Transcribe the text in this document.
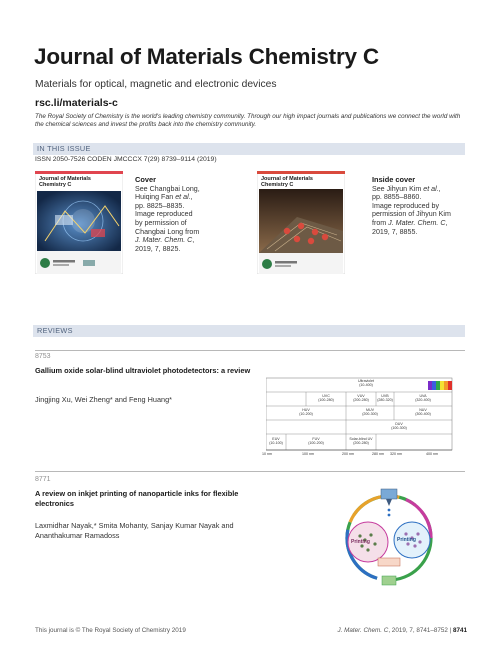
Journal of Materials Chemistry C
Materials for optical, magnetic and electronic devices
rsc.li/materials-c
The Royal Society of Chemistry is the world's leading chemistry community. Through our high impact journals and publications we connect the world with the chemical sciences and invest the profits back into the chemistry community.
IN THIS ISSUE
ISSN 2050-7526 CODEN JMCCCX 7(29) 8739–9114 (2019)
Journal of Materials Chemistry C
Cover
See Changbai Long,
Huiqing Fan et al.,
pp. 8825–8835.
Image reproduced
by permission of
Changbai Long from
J. Mater. Chem. C,
2019, 7, 8825.
Journal of Materials Chemistry C
Inside cover
See Jihyun Kim et al.,
pp. 8855–8860.
Image reproduced by
permission of Jihyun Kim
from J. Mater. Chem. C,
2019, 7, 8855.
REVIEWS
8753
Gallium oxide solar-blind ultraviolet photodetectors: a review
Jingjing Xu, Wei Zheng* and Feng Huang*
Ultraviolet
(10-400)
UVC
(100-280)
VUV
(200-280)
UVB
(280-320)
UVA
(320-400)
HUV
(10-200)
MUV
(200-300)
NUV
(300-400)
DUV
(100-300)
EUV
(10-100)
FUV
(100-200)
Solar-blind UV
(200-280)
10 nm	100 nm	200 nm	280 nm 320 nm	400 nm
8771
A review on inkjet printing of nanoparticle inks for flexible electronics
Laxmidhar Nayak,* Smita Mohanty, Sanjay Kumar Nayak and Ananthakumar Ramadoss
Printing	Printing
This journal is © The Royal Society of Chemistry 2019	J. Mater. Chem. C, 2019, 7, 8741–8752 | 8741
